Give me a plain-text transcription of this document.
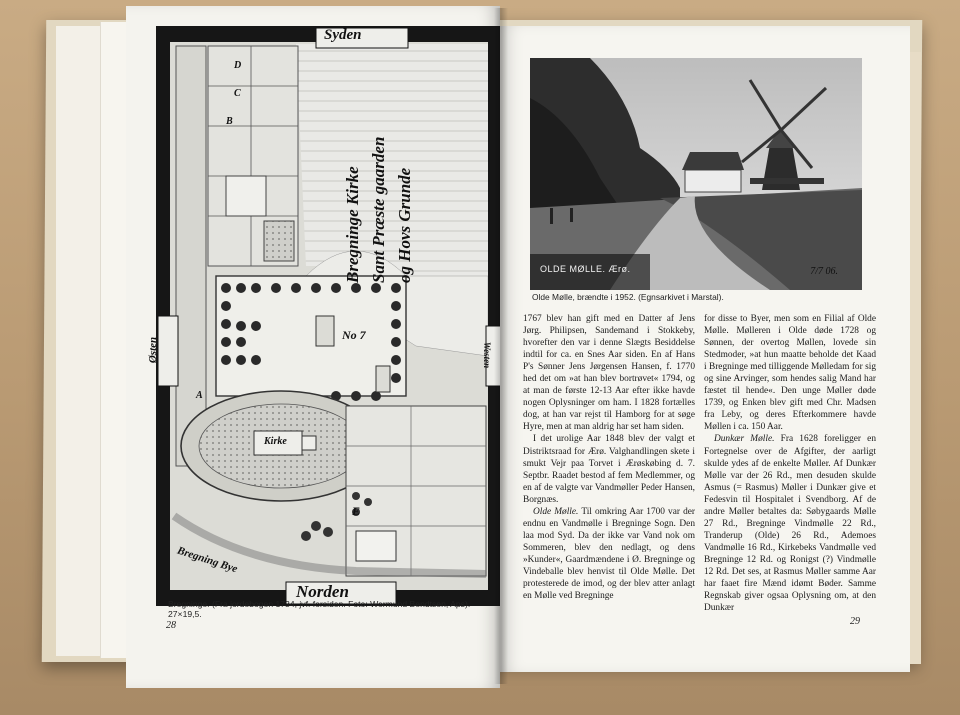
Syden
Norden
Østen	Westen
Bregninge Kirke Sant Præste gaarden og Hovs Grunde
Kirke
Bregning Bye
No 7
D
C
B
E
A
Bregninge. (Fra jordebogen 1734, jvf. forsiden. Foto: Wermund Bendtsen, Aps). 27×19,5.
28
OLDE MØLLE. Ærø.	7/7 06.
Olde Mølle, brændte i 1952. (Egnsarkivet i Marstal).

1767 blev han gift med en Datter af Jens Jørg. Philipsen, Sandemand i Stokkeby, hvorefter den var i denne Slægts Besiddelse indtil for ca. en Snes Aar siden. En af Hans P's Sønner Jens Jørgensen Hansen, f. 1770 hed det om »at han blev bortrøvet« 1794, og at man de første 12-13 Aar efter ikke havde nogen Oplysninger om ham. I 1828 fortælles dog, at han var rejst til Hamborg for at søge Hyre, men at man aldrig har set ham siden.

I det urolige Aar 1848 blev der valgt et Distriktsraad for Ærø. Valghandlingen skete i smukt Vejr paa Torvet i Ærøskøbing d. 7. Septbr. Raadet bestod af fem Medlemmer, og en af de valgte var Vandmøller Peder Hansen, Borgnæs.

Olde Mølle. Til omkring Aar 1700 var der endnu en Vandmølle i Bregninge Sogn. Den laa mod Syd. Da der ikke var Vand nok om Sommeren, blev den nedlagt, og dens »Kunder«, Gaardmændene i Ø. Bregninge og Vindeballe blev henvist til Olde Mølle. Det protesterede de imod, og der blev atter anlagt en Mølle ved Bregninge

for disse to Byer, men som en Filial af Olde Mølle. Mølleren i Olde døde 1728 og Sønnen, der overtog Møllen, lovede sin Stedmoder, »at hun maatte beholde det Kaad i Bregninge med tilliggende Mølledam for sig og sine Arvinger, som hendes salig Mand har fæstet til hende«. Den unge Møller døde 1739, og Enken blev gift med Chr. Madsen fra Leby, og deres Efterkommere havde Møllen i ca. 150 Aar.

Dunkær Mølle. Fra 1628 foreligger en Fortegnelse over de Afgifter, der aarligt skulde ydes af de enkelte Møller. Af Dunkær Mølle var der 26 Rd., men desuden skulde Asmus (= Rasmus) Møller i Dunkær give et Fedesvin til Hospitalet i Svendborg. Af de andre Møller betaltes da: Søbygaards Mølle 27 Rd., Bregninge Vindmølle 22 Rd., Tranderup (Olde) 26 Rd., Ademoes Vandmølle 16 Rd., Kirkebeks Vandmølle ved Bregninge 12 Rd. og Ronigst (?) Vindmølle 12 Rd. Det ses, at Rasmus Møller samme Aar har faaet fire Mænd idømt Bøder. Samme Regnskab giver ogsaa Oplysning om, at den Dunkær

29
